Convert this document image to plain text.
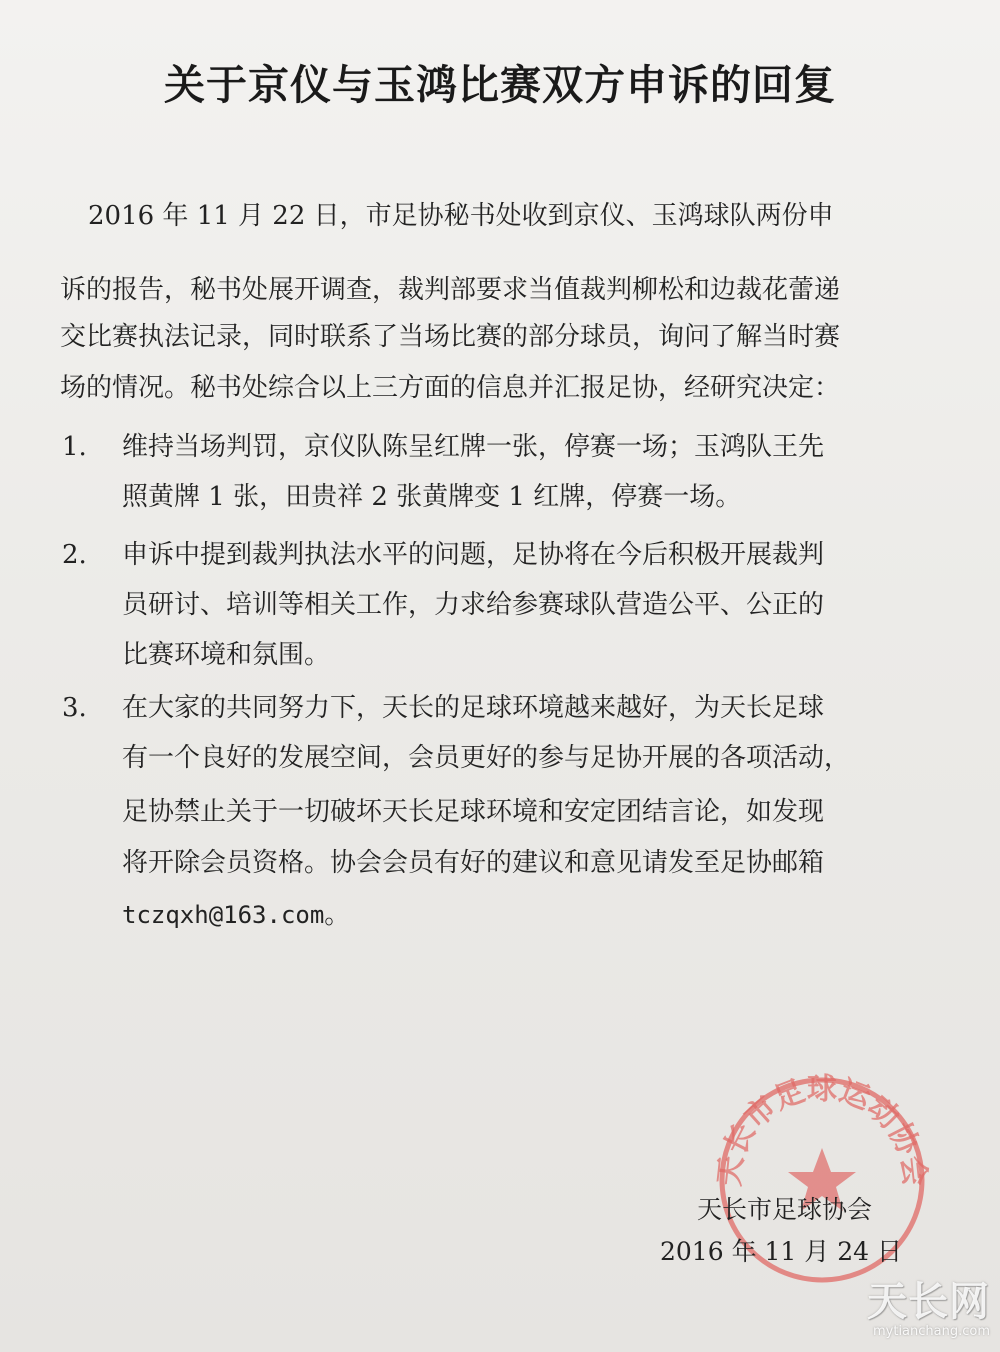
关于京仪与玉鸿比赛双方申诉的回复
2016 年 11 月 22 日，市足协秘书处收到京仪、玉鸿球队两份申
诉的报告，秘书处展开调查，裁判部要求当值裁判柳松和边裁花蕾递
交比赛执法记录，同时联系了当场比赛的部分球员，询问了解当时赛
场的情况。秘书处综合以上三方面的信息并汇报足协，经研究决定：
1. 维持当场判罚，京仪队陈呈红牌一张，停赛一场；玉鸿队王先
照黄牌 1 张，田贵祥 2 张黄牌变 1 红牌，停赛一场。
2. 申诉中提到裁判执法水平的问题，足协将在今后积极开展裁判
员研讨、培训等相关工作，力求给参赛球队营造公平、公正的
比赛环境和氛围。
3. 在大家的共同努力下，天长的足球环境越来越好，为天长足球
有一个良好的发展空间，会员更好的参与足协开展的各项活动，
足协禁止关于一切破坏天长足球环境和安定团结言论，如发现
将开除会员资格。协会会员有好的建议和意见请发至足协邮箱
tczqxh@163.com。
天长市足球运动协会
天长市足球协会
2016 年 11 月 24 日
天长网
mytianchang.com
